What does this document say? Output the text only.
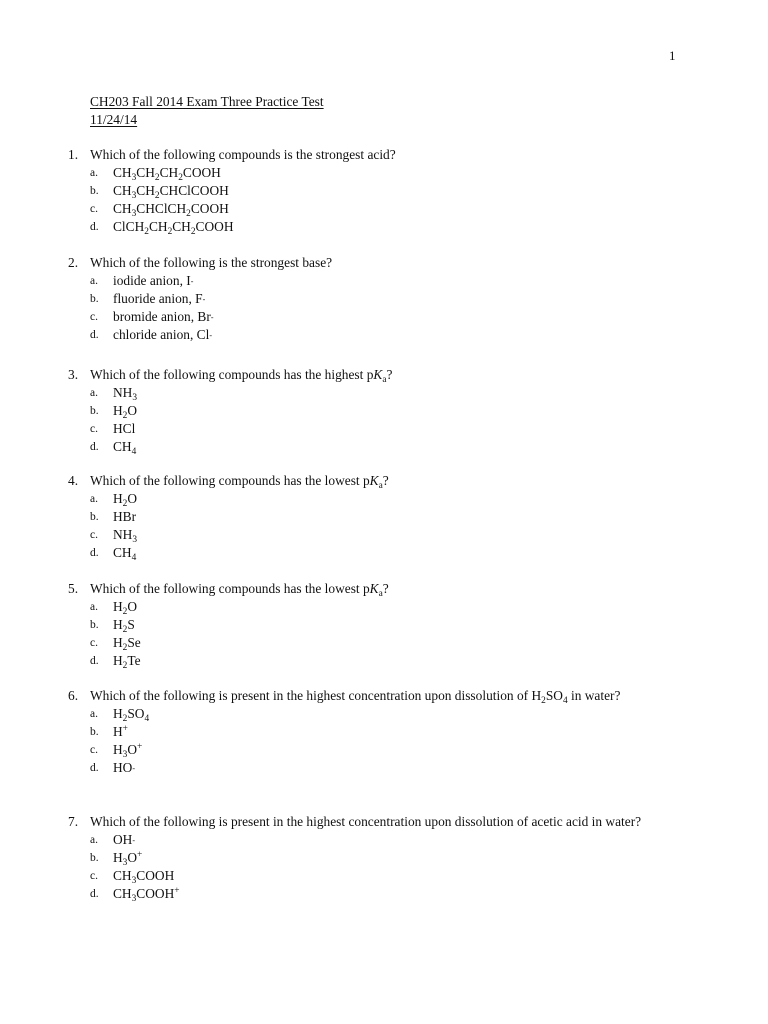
1
CH203 Fall 2014 Exam Three Practice Test
11/24/14
1. Which of the following compounds is the strongest acid?
a.	$CH_3CH_2CH_2COOH$
b.	$CH_3CH_2CHClCOOH$
c.	$CH_3CHClCH_2COOH$
d.	$ClCH_2CH_2CH_2COOH$
2. Which of the following is the strongest base?
a.	iodide anion, I-
b.	fluoride anion, F-
c.	bromide anion, Br-
d.	chloride anion, Cl-
3. Which of the following compounds has the highest $pK_a$?
a.	$NH_3$
b.	$H_2O$
c.	HCl
d.	$CH_4$
4. Which of the following compounds has the lowest $pK_a$?
a.	$H_2O$
b.	HBr
c.	$NH_3$
d.	$CH_4$
5. Which of the following compounds has the lowest $pK_a$?
a.	$H_2O$
b.	$H_2S$
c.	$H_2Se$
d.	$H_2Te$
6. Which of the following is present in the highest concentration upon dissolution of $H_2SO_4$ in water?
a.	$H_2SO_4$
b.	H+
c.	$H_3O^+$
d.	HO-
7. Which of the following is present in the highest concentration upon dissolution of acetic acid in water?
a.	OH-
b.	$H_3O^+$
c.	$CH_3COOH$
d.	$CH_3COOH^+$
